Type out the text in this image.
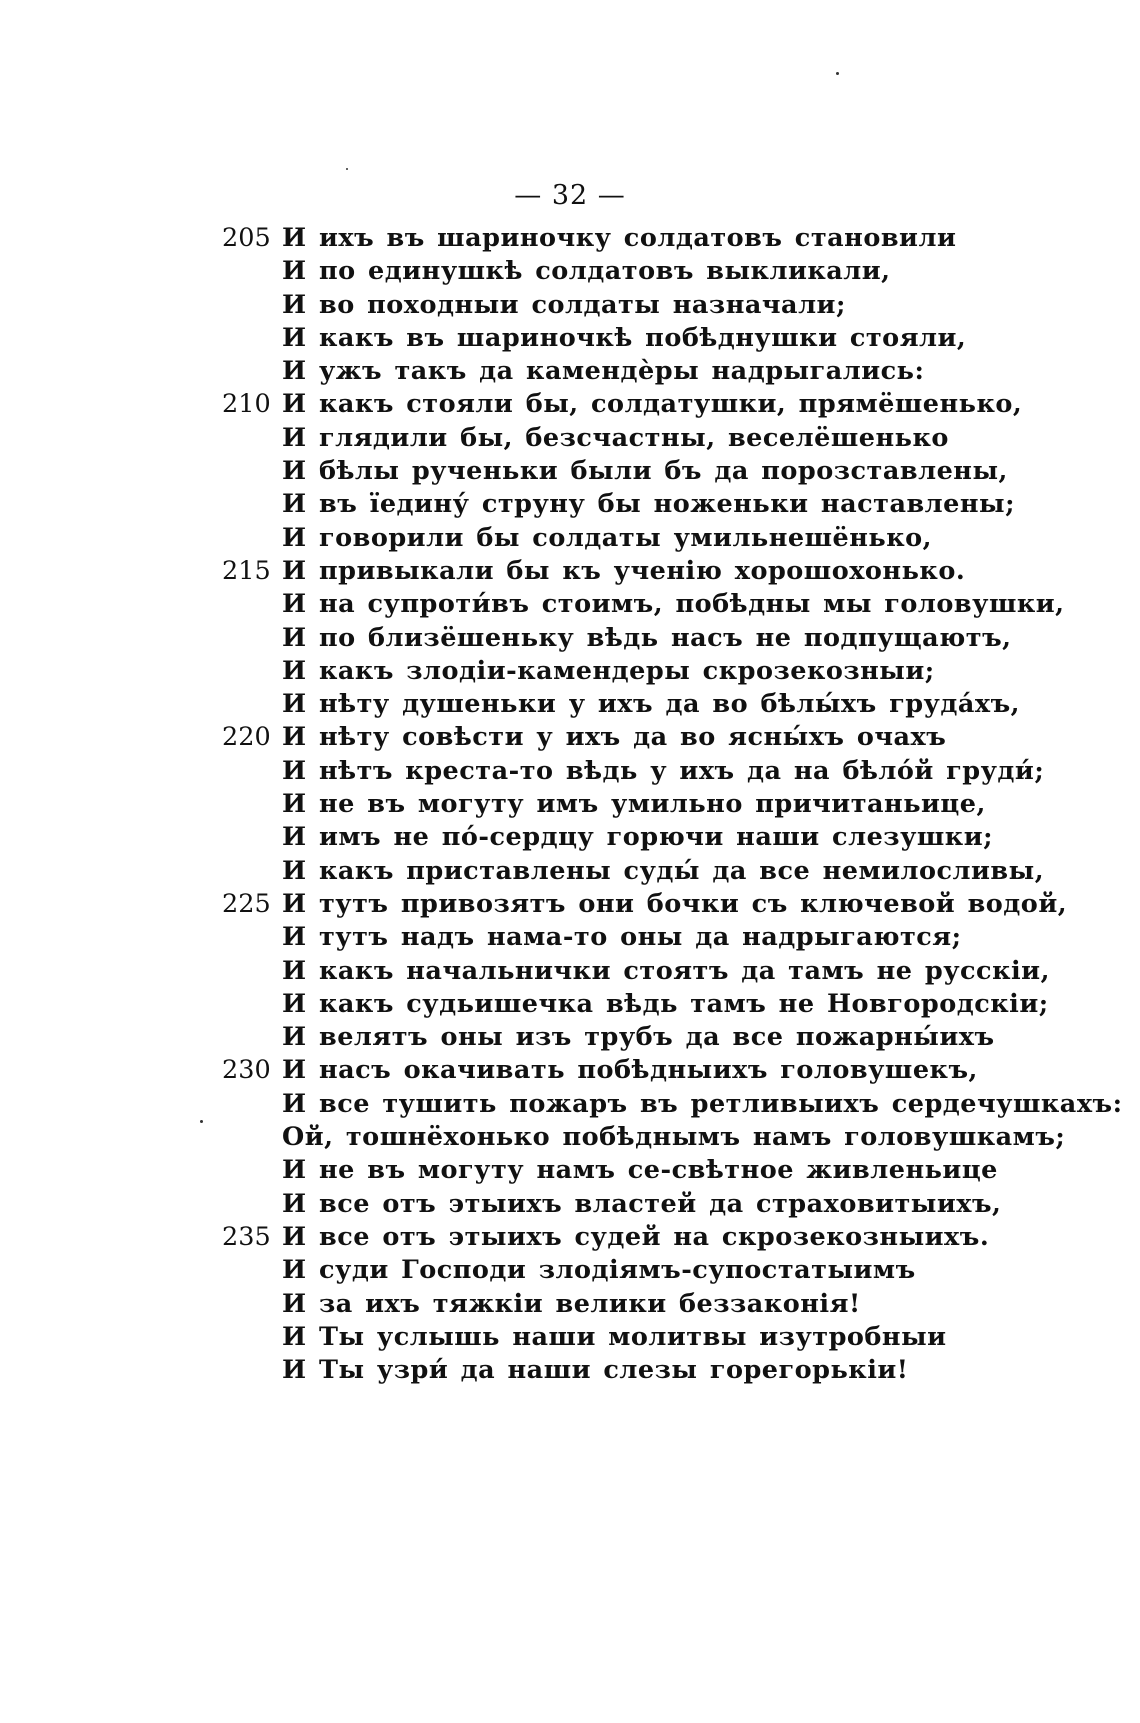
— 32 —
205 И ихъ въ шариночку солдатовъ становили
И по единушкѣ солдатовъ выкликали,
И во походныи солдаты назначали;
И какъ въ шариночкѣ побѣднушки стояли,
И ужъ такъ да камендѐры надрыгались:
210 И какъ стояли бы, солдатушки, прямёшенько,
И глядили бы, безсчастны, веселёшенько
И бѣлы рученьки были бъ да порозставлены,
И въ їедину́ струну бы ноженьки наставлены;
И говорили бы солдаты умильнешёнько,
215 И привыкали бы къ ученію хорошохонько.
И на супроти́въ стоимъ, побѣдны мы головушки,
И по близёшеньку вѣдь насъ не подпущаютъ,
И какъ злодіи-камендеры скрозекозныи;
И нѣту душеньки у ихъ да во бѣлы́хъ груда́хъ,
220 И нѣту совѣсти у ихъ да во ясны́хъ очахъ
И нѣтъ креста-то вѣдь у ихъ да на бѣло́й груди́;
И не въ могуту имъ умильно причитаньице,
И имъ не по́-сердцу горючи наши слезушки;
И какъ приставлены суды́ да все немилосливы,
225 И тутъ привозятъ они бочки съ ключевой водой,
И тутъ надъ нама-то оны да надрыгаются;
И какъ начальнички стоятъ да тамъ не русскіи,
И какъ судьишечка вѣдь тамъ не Новгородскіи;
И велятъ оны изъ трубъ да все пожарны́ихъ
230 И насъ окачивать побѣдныихъ головушекъ,
И все тушить пожаръ въ ретливыихъ сердечушкахъ:
Ой, тошнёхонько побѣднымъ намъ головушкамъ;
И не въ могуту намъ се-свѣтное живленьице
И все отъ этыихъ властей да страховитыихъ,
235 И все отъ этыихъ судей на скрозекозныихъ.
И суди Господи злодіямъ-супостатыимъ
И за ихъ тяжкіи велики беззаконія!
И Ты услышь наши молитвы изутробныи
И Ты узри́ да наши слезы горегорькіи!
